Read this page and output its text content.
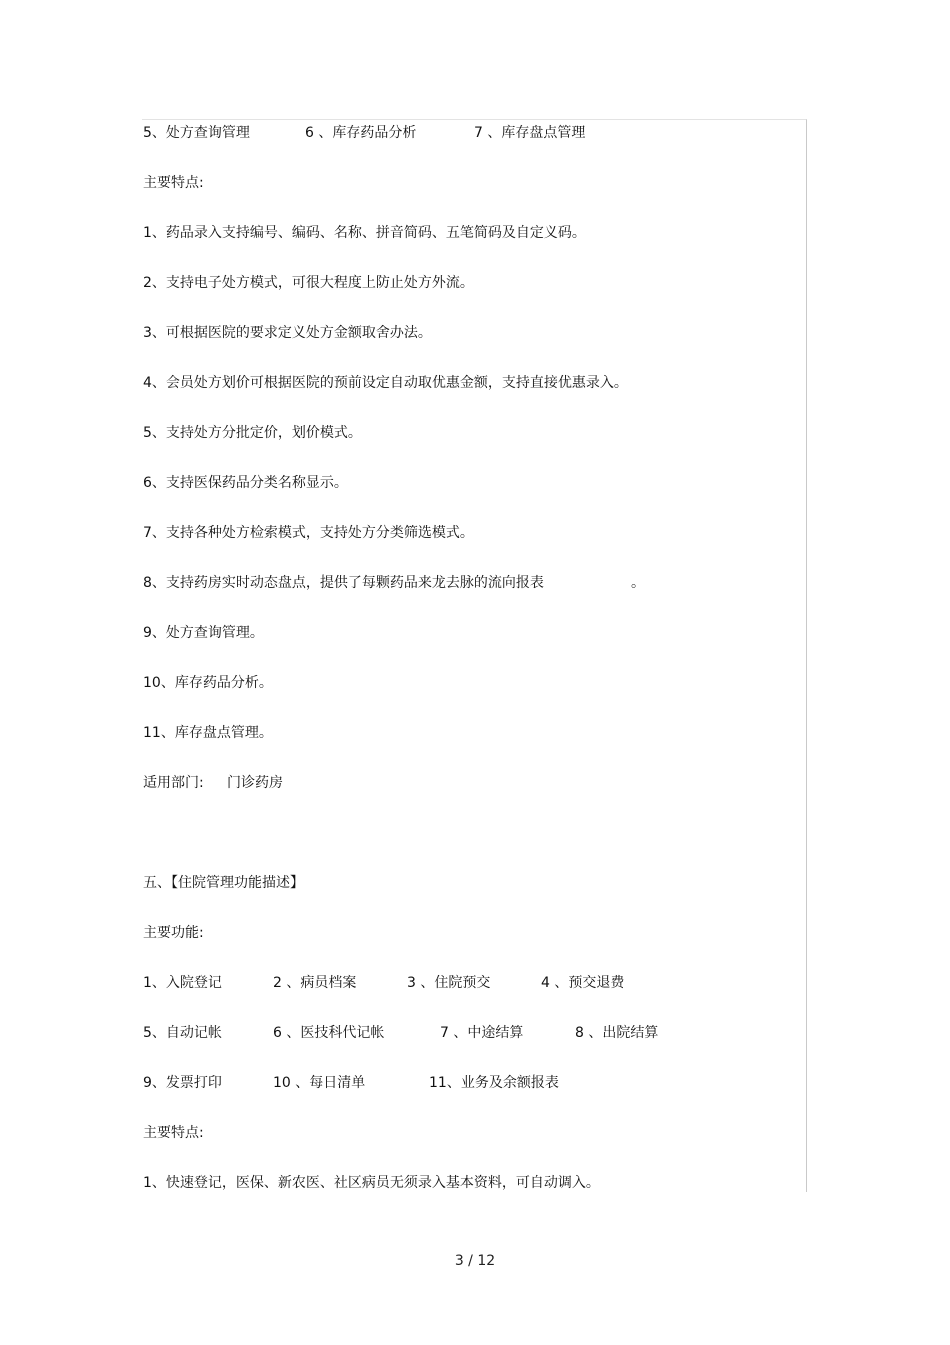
5、处方查询管理	6 、库存药品分析	7 、库存盘点管理
主要特点:
1、药品录入支持编号、编码、名称、拼音简码、五笔简码及自定义码。
2、支持电子处方模式，可很大程度上防止处方外流。
3、可根据医院的要求定义处方金额取舍办法。
4、会员处方划价可根据医院的预前设定自动取优惠金额，支持直接优惠录入。
5、支持处方分批定价，划价模式。
6、支持医保药品分类名称显示。
7、支持各种处方检索模式，支持处方分类筛选模式。
8、支持药房实时动态盘点，提供了每颗药品来龙去脉的流向报表	。
9、处方查询管理。
10、库存药品分析。
11、库存盘点管理。
适用部门: 门诊药房
五、【住院管理功能描述】
主要功能:
1、入院登记	2 、病员档案	3 、住院预交	4 、预交退费
5、自动记帐	6 、医技科代记帐	7 、中途结算	8 、出院结算
9、发票打印	10 、每日清单	11、业务及余额报表
主要特点:
1、快速登记，医保、新农医、社区病员无须录入基本资料，可自动调入。
3 / 12
